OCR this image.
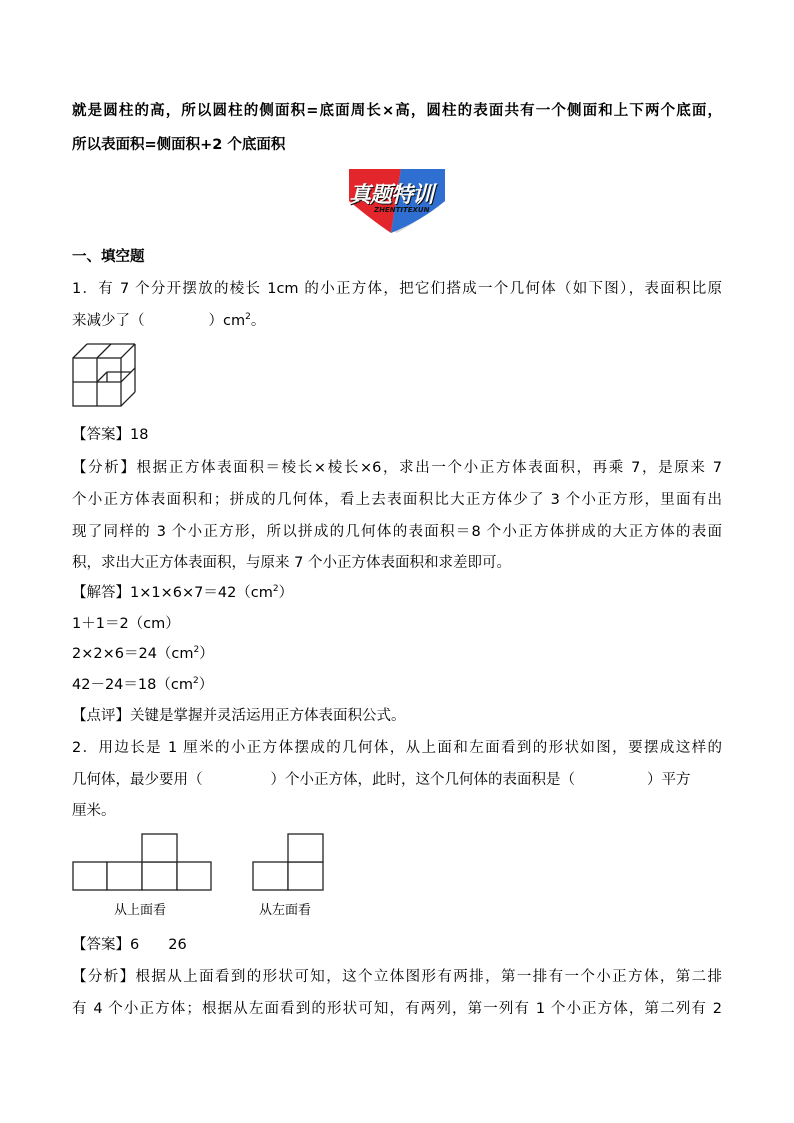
就是圆柱的高，所以圆柱的侧面积=底面周长×高，圆柱的表面共有一个侧面和上下两个底面，
所以表面积=侧面积+2 个底面积
真题特训
ZHENTITEXUN
一、填空题
1．有 7 个分开摆放的棱长 1cm 的小正方体，把它们搭成一个几何体（如下图），表面积比原
来减少了（	）$cm^2$。
【答案】18
【分析】根据正方体表面积＝棱长×棱长×6，求出一个小正方体表面积，再乘 7，是原来 7
个小正方体表面积和；拼成的几何体，看上去表面积比大正方体少了 3 个小正方形，里面有出
现了同样的 3 个小正方形，所以拼成的几何体的表面积＝8 个小正方体拼成的大正方体的表面
积，求出大正方体表面积，与原来 7 个小正方体表面积和求差即可。
【解答】$1\times 1\times 6\times 7=42(cm^2)$
1＋1＝2（cm）
$2\times 2\times 6=24(cm^2)$
$42-24=18(cm^2)$
【点评】关键是掌握并灵活运用正方体表面积公式。
2．用边长是 1 厘米的小正方体摆成的几何体，从上面和左面看到的形状如图，要摆成这样的
几何体，最少要用（	）个小正方体，此时，这个几何体的表面积是（	）平方
厘米。
从上面看	从左面看
【答案】6　　26
【分析】根据从上面看到的形状可知，这个立体图形有两排，第一排有一个小正方体，第二排
有 4 个小正方体；根据从左面看到的形状可知，有两列，第一列有 1 个小正方体，第二列有 2
